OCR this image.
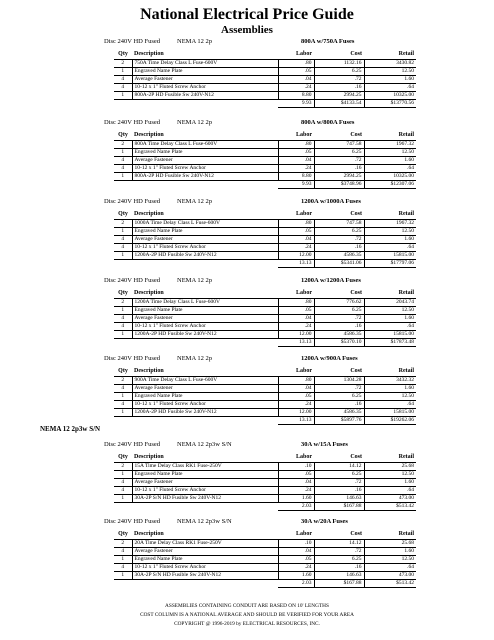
National Electrical Price Guide
Assemblies
Disc 240V HD Fused	NEMA 12 2p	800A w/750A Fuses
Qty	Description	Labor	Cost	Retail
2	750A Time Delay Class L Fuse-600V	.80	1132.16	3430.82
1	Engraved Name Plate	.05	6.25	12.50
4	Average Fastener	.04	.72	1.60
4	10-12 x 1" Fluted Screw Anchor	.24	.16	.64
1	800A-2P HD Fusible Sw 240V-N12	8.80	2994.25	10325.00
		9.93	$4133.54	$13770.56
Disc 240V HD Fused	NEMA 12 2p	800A w/800A Fuses
Qty	Description	Labor	Cost	Retail
2	800A Time Delay Class L Fuse-600V	.80	747.58	1967.32
1	Engraved Name Plate	.05	6.25	12.50
4	Average Fastener	.04	.72	1.60
4	10-12 x 1" Fluted Screw Anchor	.24	.16	.64
1	800A-2P HD Fusible Sw 240V-N12	8.80	2994.25	10325.00
		9.93	$3748.96	$12307.06
Disc 240V HD Fused	NEMA 12 2p	1200A w/1000A Fuses
Qty	Description	Labor	Cost	Retail
2	1000A Time Delay Class L Fuse-600V	.80	747.58	1967.32
1	Engraved Name Plate	.05	6.25	12.50
4	Average Fastener	.04	.72	1.60
4	10-12 x 1" Fluted Screw Anchor	.24	.16	.64
1	1200A-2P HD Fusible Sw 240V-N12	12.00	4586.35	15815.00
		13.13	$5341.06	$17797.06
Disc 240V HD Fused	NEMA 12 2p	1200A w/1200A Fuses
Qty	Description	Labor	Cost	Retail
2	1200A Time Delay Class L Fuse-600V	.80	776.62	2043.74
1	Engraved Name Plate	.05	6.25	12.50
4	Average Fastener	.04	.72	1.60
4	10-12 x 1" Fluted Screw Anchor	.24	.16	.64
1	1200A-2P HD Fusible Sw 240V-N12	12.00	4586.35	15815.00
		13.13	$5370.10	$17873.48
Disc 240V HD Fused	NEMA 12 2p	1200A w/900A Fuses
Qty	Description	Labor	Cost	Retail
2	900A Time Delay Class L Fuse-600V	.80	1304.28	3432.32
4	Average Fastener	.04	.72	1.60
1	Engraved Name Plate	.05	6.25	12.50
4	10-12 x 1" Fluted Screw Anchor	.24	.16	.64
1	1200A-2P HD Fusible Sw 240V-N12	12.00	4586.35	15815.00
		13.13	$5897.76	$19262.06
NEMA 12 2p3w S/N
Disc 240V HD Fused	NEMA 12 2p3w S/N	30A w/15A Fuses
Qty	Description	Labor	Cost	Retail
2	15A Time Delay Class RK1 Fuse-250V	.10	14.12	25.68
1	Engraved Name Plate	.05	6.25	12.50
4	Average Fastener	.04	.72	1.60
4	10-12 x 1" Fluted Screw Anchor	.24	.16	.64
1	30A-2P S/N HD Fusible Sw 240V-N12	1.60	146.63	473.00
		2.03	$167.88	$513.42
Disc 240V HD Fused	NEMA 12 2p3w S/N	30A w/20A Fuses
Qty	Description	Labor	Cost	Retail
2	20A Time Delay Class RK1 Fuse-250V	.10	14.12	25.68
4	Average Fastener	.04	.72	1.60
1	Engraved Name Plate	.05	6.25	12.50
4	10-12 x 1" Fluted Screw Anchor	.24	.16	.64
1	30A-2P S/N HD Fusible Sw 240V-N12	1.60	146.63	473.00
		2.03	$167.88	$513.42
ASSEMBLIES CONTAINING CONDUIT ARE BASED ON 10' LENGTHS
COST COLUMN IS A NATIONAL AVERAGE AND SHOULD BE VERIFIED FOR YOUR AREA
COPYRIGHT @ 1996-2019 by ELECTRICAL RESOURCES, INC.
